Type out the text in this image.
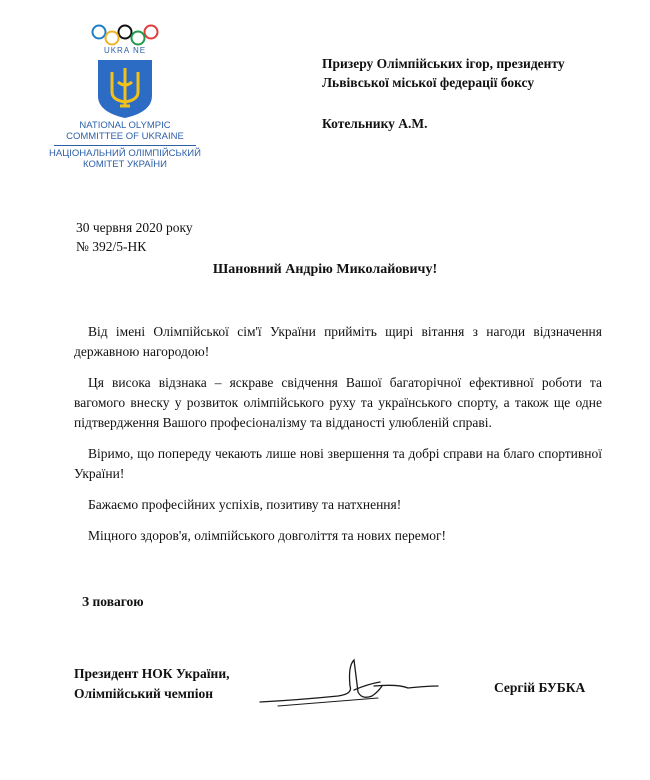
UKRA NE
NATIONAL OLYMPIC
COMMITTEE OF UKRAINE
НАЦІОНАЛЬНИЙ ОЛІМПІЙСЬКИЙ
КОМІТЕТ УКРАЇНИ
Призеру Олімпійських ігор, президенту
Львівської міської федерації боксу
Котельнику А.М.
30 червня 2020 року
№ 392/5-НК
Шановний Андрію Миколайовичу!

Від імені Олімпійської сім'ї України прийміть щирі вітання з нагоди відзначення державною нагородою!

Ця висока відзнака – яскраве свідчення Вашої багаторічної ефективної роботи та вагомого внеску у розвиток олімпійського руху та українського спорту, а також ще одне підтвердження Вашого професіоналізму та відданості улюбленій справі.

Віримо, що попереду чекають лише нові звершення та добрі справи на благо спортивної України!

Бажаємо професійних успіхів, позитиву та натхнення!

Міцного здоров'я, олімпійського довголіття та нових перемог!

З повагою
Президент НОК України,
Олімпійський чемпіон	Сергій БУБКА
